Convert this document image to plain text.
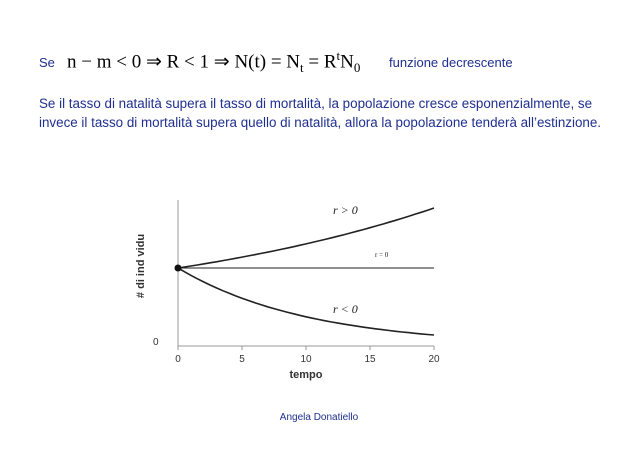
Se n − m < 0 ⇒ R < 1 ⇒ $N(t) = N_t = R^tN_0$ funzione decrescente
Se il tasso di natalità supera il tasso di mortalità, la popolazione cresce esponenzialmente, se invece il tasso di mortalità supera quello di natalità, allora la popolazione tenderà all’estinzione.
0	5	10	15	20
0
tempo
# di ind vidu
r > 0
r = 0
r < 0
Angela Donatiello
